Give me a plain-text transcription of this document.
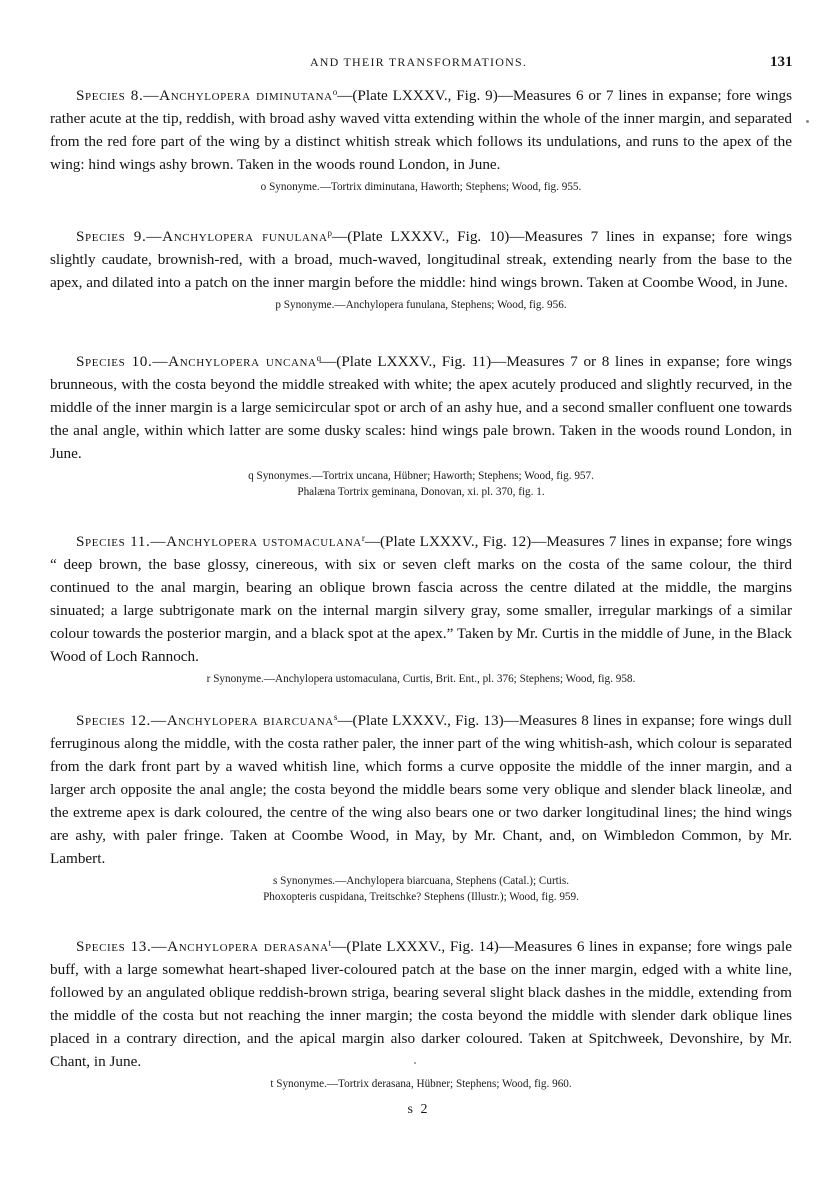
AND THEIR TRANSFORMATIONS.	131

Species 8.—Anchylopera diminutana$^o$—(Plate LXXXV., Fig. 9)—Measures 6 or 7 lines in expanse; fore wings rather acute at the tip, reddish, with broad ashy waved vitta extending within the whole of the inner margin, and separated from the red fore part of the wing by a distinct whitish streak which follows its undulations, and runs to the apex of the wing: hind wings ashy brown. Taken in the woods round London, in June.

o Synonyme.—Tortrix diminutana, Haworth; Stephens; Wood, fig. 955.

Species 9.—Anchylopera funulana$^p$—(Plate LXXXV., Fig. 10)—Measures 7 lines in expanse; fore wings slightly caudate, brownish-red, with a broad, much-waved, longitudinal streak, extending nearly from the base to the apex, and dilated into a patch on the inner margin before the middle: hind wings brown. Taken at Coombe Wood, in June.

p Synonyme.—Anchylopera funulana, Stephens; Wood, fig. 956.

Species 10.—Anchylopera uncana$^q$—(Plate LXXXV., Fig. 11)—Measures 7 or 8 lines in expanse; fore wings brunneous, with the costa beyond the middle streaked with white; the apex acutely produced and slightly recurved, in the middle of the inner margin is a large semicircular spot or arch of an ashy hue, and a second smaller confluent one towards the anal angle, within which latter are some dusky scales: hind wings pale brown. Taken in the woods round London, in June.

q Synonymes.—Tortrix uncana, Hübner; Haworth; Stephens; Wood, fig. 957.
Phalæna Tortrix geminana, Donovan, xi. pl. 370, fig. 1.

Species 11.—Anchylopera ustomaculana$^r$—(Plate LXXXV., Fig. 12)—Measures 7 lines in expanse; fore wings “ deep brown, the base glossy, cinereous, with six or seven cleft marks on the costa of the same colour, the third continued to the anal margin, bearing an oblique brown fascia across the centre dilated at the middle, the margins sinuated; a large subtrigonate mark on the internal margin silvery gray, some smaller, irregular markings of a similar colour towards the posterior margin, and a black spot at the apex.” Taken by Mr. Curtis in the middle of June, in the Black Wood of Loch Rannoch.

r Synonyme.—Anchylopera ustomaculana, Curtis, Brit. Ent., pl. 376; Stephens; Wood, fig. 958.

Species 12.—Anchylopera biarcuana$^s$—(Plate LXXXV., Fig. 13)—Measures 8 lines in expanse; fore wings dull ferruginous along the middle, with the costa rather paler, the inner part of the wing whitish-ash, which colour is separated from the dark front part by a waved whitish line, which forms a curve opposite the middle of the inner margin, and a larger arch opposite the anal angle; the costa beyond the middle bears some very oblique and slender black lineolæ, and the extreme apex is dark coloured, the centre of the wing also bears one or two darker longitudinal lines; the hind wings are ashy, with paler fringe. Taken at Coombe Wood, in May, by Mr. Chant, and, on Wimbledon Common, by Mr. Lambert.

s Synonymes.—Anchylopera biarcuana, Stephens (Catal.); Curtis.
Phoxopteris cuspidana, Treitschke? Stephens (Illustr.); Wood, fig. 959.

Species 13.—Anchylopera derasana$^t$—(Plate LXXXV., Fig. 14)—Measures 6 lines in expanse; fore wings pale buff, with a large somewhat heart-shaped liver-coloured patch at the base on the inner margin, edged with a white line, followed by an angulated oblique reddish-brown striga, bearing several slight black dashes in the middle, extending from the middle of the costa but not reaching the inner margin; the costa beyond the middle with slender dark oblique lines placed in a contrary direction, and the apical margin also darker coloured. Taken at Spitchweek, Devonshire, by Mr. Chant, in June.

t Synonyme.—Tortrix derasana, Hübner; Stephens; Wood, fig. 960.
s 2
